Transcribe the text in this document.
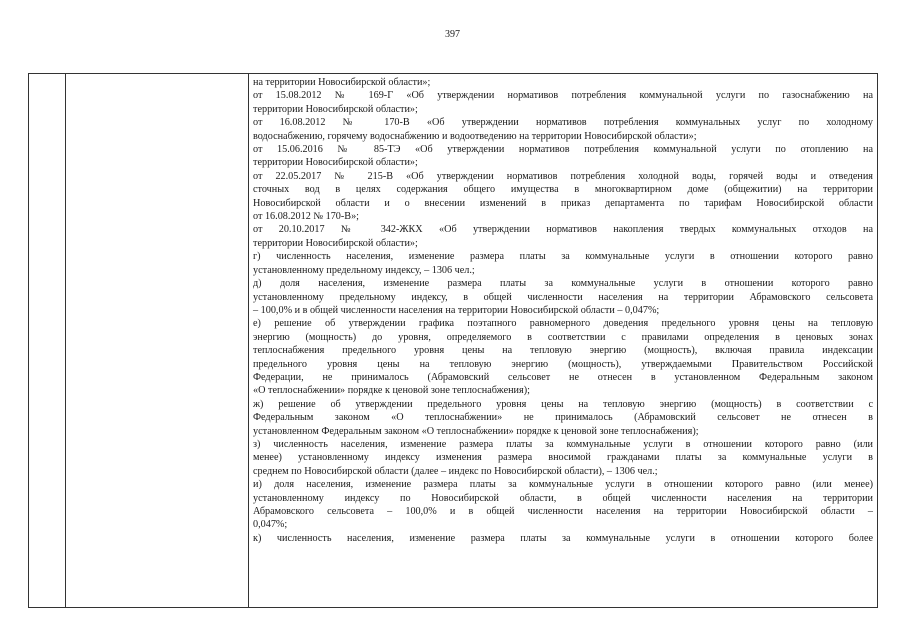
397
на территории Новосибирской области»;
от 15.08.2012 № 169-Г «Об утверждении нормативов потребления коммунальной услуги по газоснабжению на
территории Новосибирской области»;
от 16.08.2012 № 170-В «Об утверждении нормативов потребления коммунальных услуг по холодному
водоснабжению, горячему водоснабжению и водоотведению на территории Новосибирской области»;
от 15.06.2016 № 85-ТЭ «Об утверждении нормативов потребления коммунальной услуги по отоплению на
территории Новосибирской области»;
от 22.05.2017 № 215-В «Об утверждении нормативов потребления холодной воды, горячей воды и отведения
сточных вод в целях содержания общего имущества в многоквартирном доме (общежитии) на территории
Новосибирской области и о внесении изменений в приказ департамента по тарифам Новосибирской области
от 16.08.2012 № 170-В»;
от 20.10.2017 № 342-ЖКХ «Об утверждении нормативов накопления твердых коммунальных отходов на
территории Новосибирской области»;
г) численность населения, изменение размера платы за коммунальные услуги в отношении которого равно
установленному предельному индексу, – 1306 чел.;
д) доля населения, изменение размера платы за коммунальные услуги в отношении которого равно
установленному предельному индексу, в общей численности населения на территории Абрамовского сельсовета
– 100,0% и в общей численности населения на территории Новосибирской области – 0,047%;
е) решение об утверждении графика поэтапного равномерного доведения предельного уровня цены на тепловую
энергию (мощность) до уровня, определяемого в соответствии с правилами определения в ценовых зонах
теплоснабжения предельного уровня цены на тепловую энергию (мощность), включая правила индексации
предельного уровня цены на тепловую энергию (мощность), утверждаемыми Правительством Российской
Федерации, не принималось (Абрамовский сельсовет не отнесен в установленном Федеральным законом
«О теплоснабжении» порядке к ценовой зоне теплоснабжения);
ж) решение об утверждении предельного уровня цены на тепловую энергию (мощность) в соответствии с
Федеральным законом «О теплоснабжении» не принималось (Абрамовский сельсовет не отнесен в
установленном Федеральным законом «О теплоснабжении» порядке к ценовой зоне теплоснабжения);
з) численность населения, изменение размера платы за коммунальные услуги в отношении которого равно (или
менее) установленному индексу изменения размера вносимой гражданами платы за коммунальные услуги в
среднем по Новосибирской области (далее – индекс по Новосибирской области), – 1306 чел.;
и) доля населения, изменение размера платы за коммунальные услуги в отношении которого равно (или менее)
установленному индексу по Новосибирской области, в общей численности населения на территории
Абрамовского сельсовета – 100,0% и в общей численности населения на территории Новосибирской области –
0,047%;
к) численность населения, изменение размера платы за коммунальные услуги в отношении которого более
